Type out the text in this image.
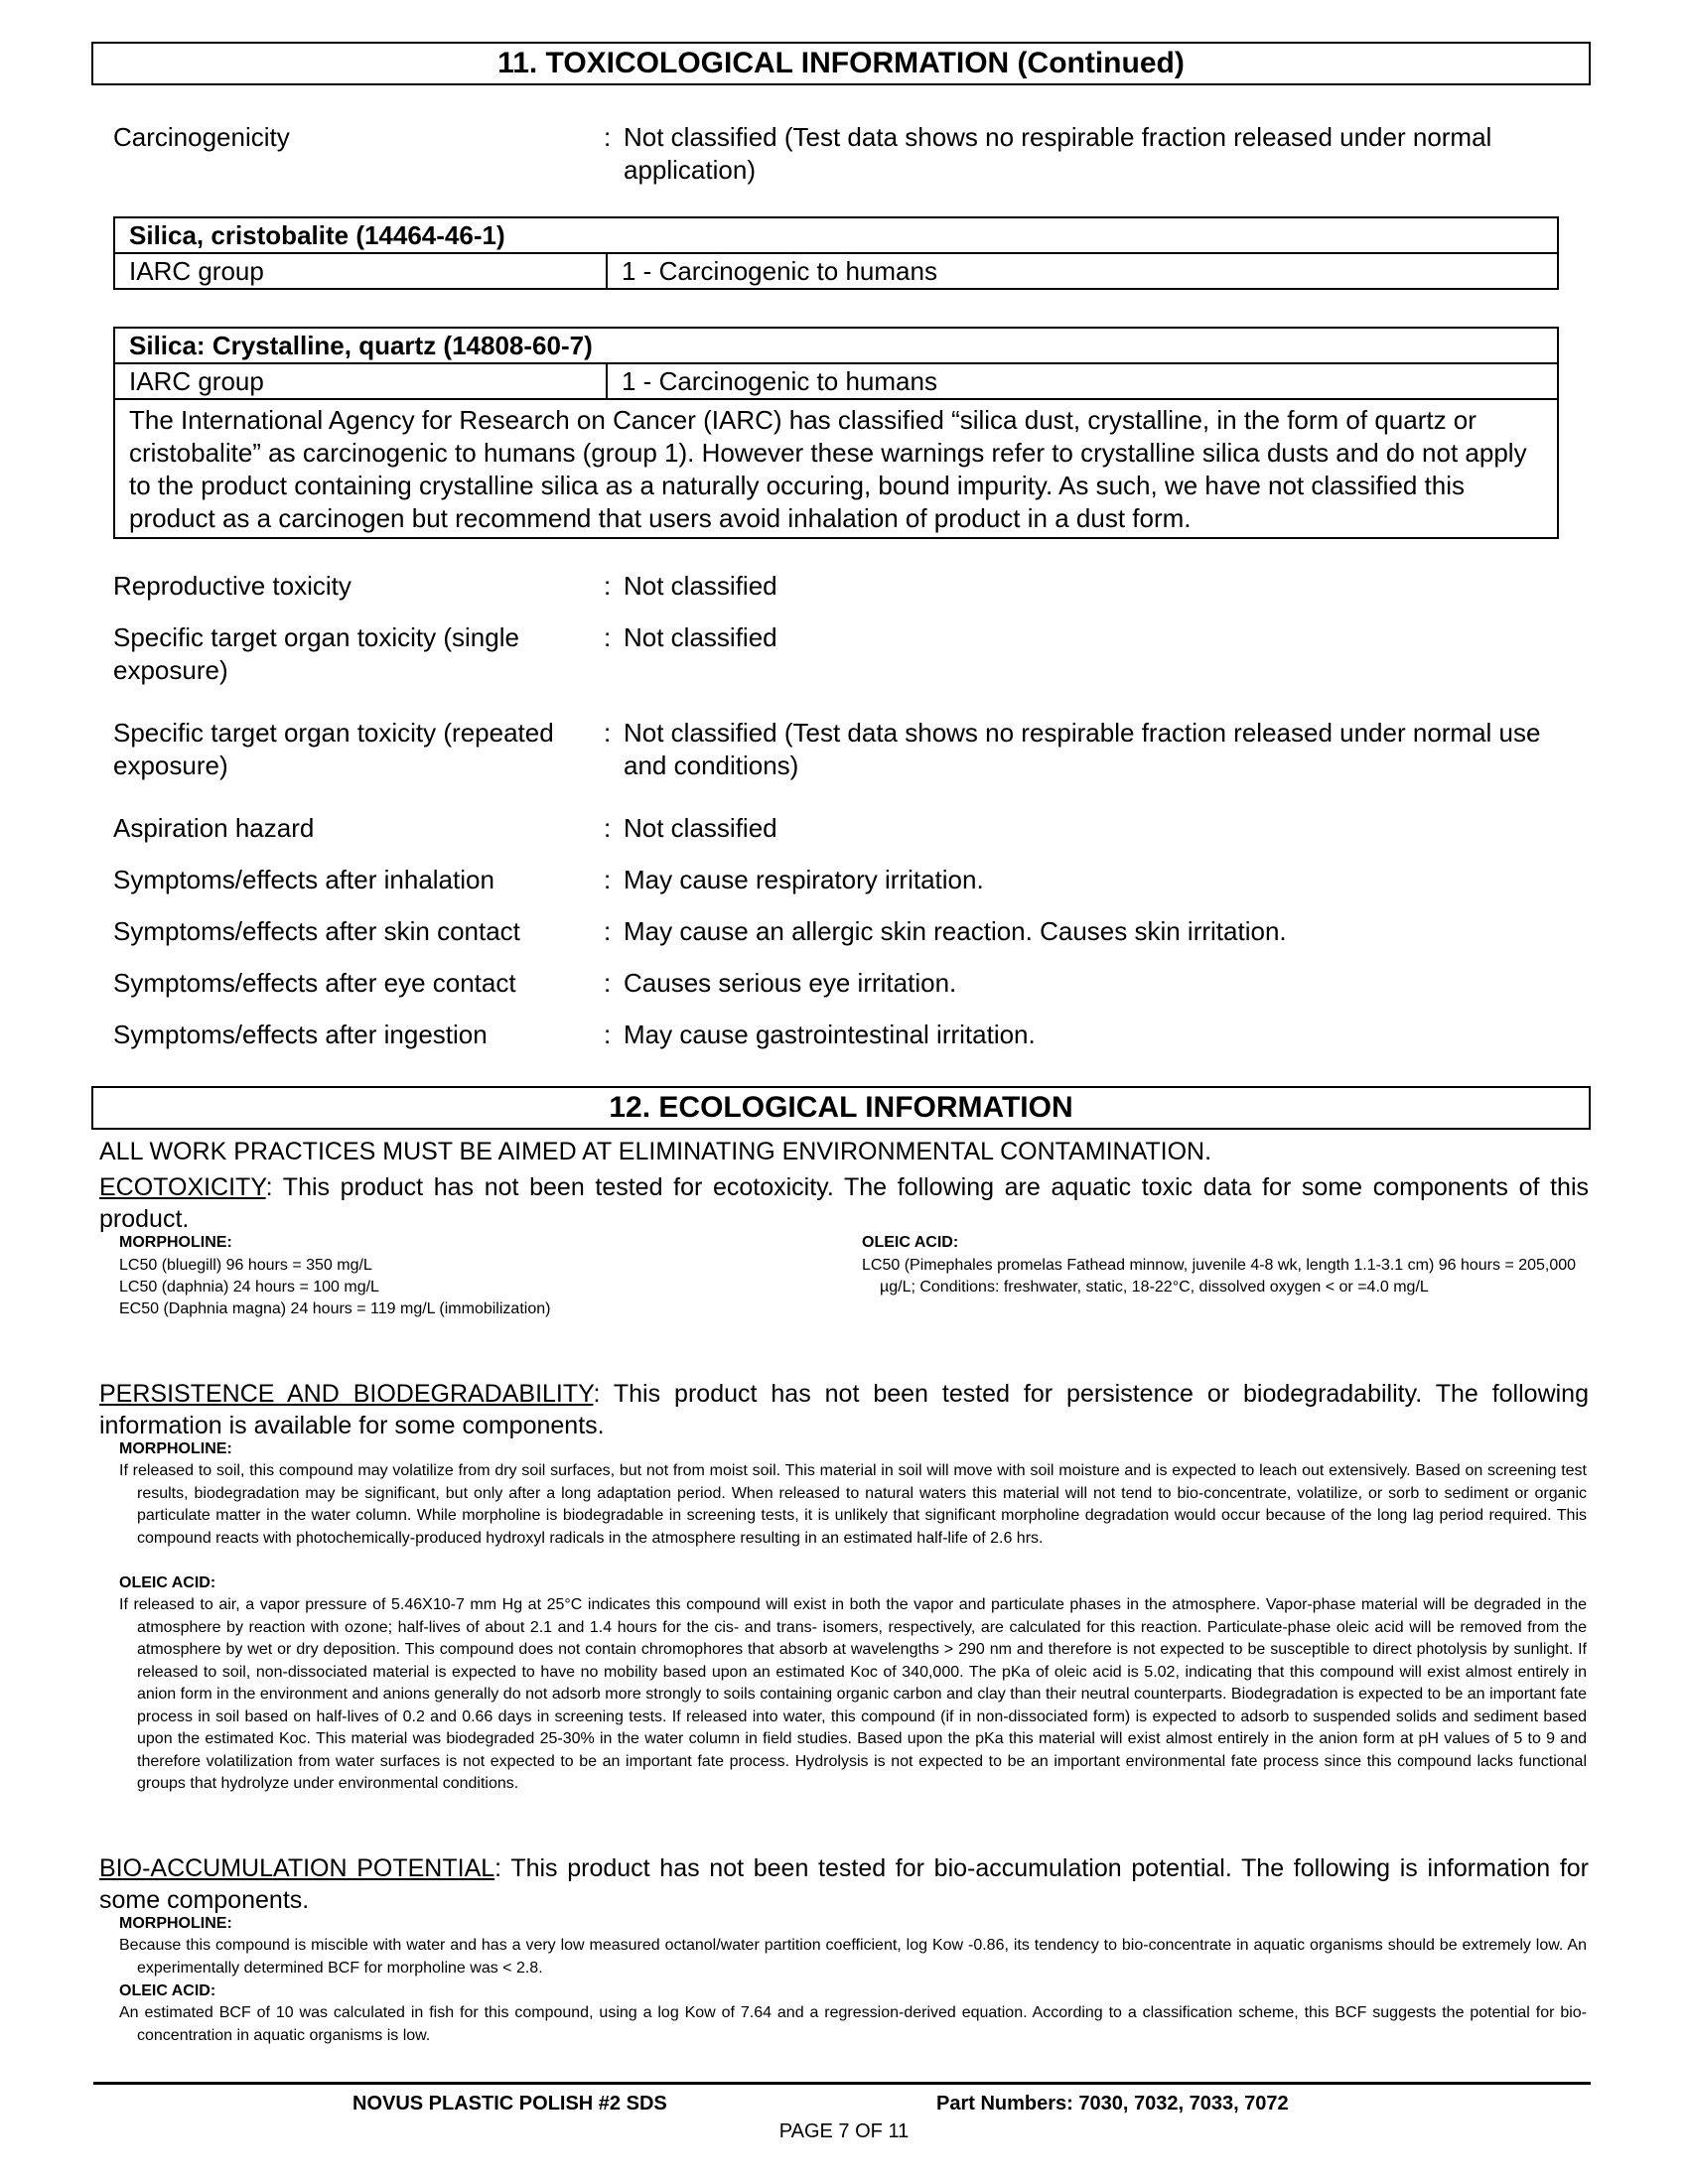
11. TOXICOLOGICAL INFORMATION (Continued)
Carcinogenicity	: Not classified (Test data shows no respirable fraction released under normal application)
Silica, cristobalite (14464-46-1)
IARC group	1 - Carcinogenic to humans
Silica: Crystalline, quartz (14808-60-7)
IARC group	1 - Carcinogenic to humans
The International Agency for Research on Cancer (IARC) has classified “silica dust, crystalline, in the form of quartz or cristobalite” as carcinogenic to humans (group 1). However these warnings refer to crystalline silica dusts and do not apply to the product containing crystalline silica as a naturally occuring, bound impurity. As such, we have not classified this product as a carcinogen but recommend that users avoid inhalation of product in a dust form.
Reproductive toxicity	: Not classified
Specific target organ toxicity (single exposure)
: Not classified
Specific target organ toxicity (repeated exposure)
: Not classified (Test data shows no respirable fraction released under normal use and conditions)
Aspiration hazard	: Not classified
Symptoms/effects after inhalation	: May cause respiratory irritation.
Symptoms/effects after skin contact	: May cause an allergic skin reaction. Causes skin irritation.
Symptoms/effects after eye contact	: Causes serious eye irritation.
Symptoms/effects after ingestion	: May cause gastrointestinal irritation.
12. ECOLOGICAL INFORMATION
ALL WORK PRACTICES MUST BE AIMED AT ELIMINATING ENVIRONMENTAL CONTAMINATION.
ECOTOXICITY: This product has not been tested for ecotoxicity. The following are aquatic toxic data for some components of this product.
MORPHOLINE:
LC50 (bluegill) 96 hours = 350 mg/L
LC50 (daphnia) 24 hours = 100 mg/L
EC50 (Daphnia magna) 24 hours = 119 mg/L (immobilization)
OLEIC ACID:
LC50 (Pimephales promelas Fathead minnow, juvenile 4-8 wk, length 1.1-3.1 cm) 96 hours = 205,000 µg/L; Conditions: freshwater, static, 18-22°C, dissolved oxygen < or =4.0 mg/L
PERSISTENCE AND BIODEGRADABILITY: This product has not been tested for persistence or biodegradability. The following information is available for some components.
MORPHOLINE:
If released to soil, this compound may volatilize from dry soil surfaces, but not from moist soil. This material in soil will move with soil moisture and is expected to leach out extensively. Based on screening test results, biodegradation may be significant, but only after a long adaptation period. When released to natural waters this material will not tend to bio-concentrate, volatilize, or sorb to sediment or organic particulate matter in the water column. While morpholine is biodegradable in screening tests, it is unlikely that significant morpholine degradation would occur because of the long lag period required. This compound reacts with photochemically-produced hydroxyl radicals in the atmosphere resulting in an estimated half-life of 2.6 hrs.
OLEIC ACID:
If released to air, a vapor pressure of 5.46X10-7 mm Hg at 25°C indicates this compound will exist in both the vapor and particulate phases in the atmosphere. Vapor-phase material will be degraded in the atmosphere by reaction with ozone; half-lives of about 2.1 and 1.4 hours for the cis- and trans- isomers, respectively, are calculated for this reaction. Particulate-phase oleic acid will be removed from the atmosphere by wet or dry deposition. This compound does not contain chromophores that absorb at wavelengths > 290 nm and therefore is not expected to be susceptible to direct photolysis by sunlight. If released to soil, non-dissociated material is expected to have no mobility based upon an estimated Koc of 340,000. The pKa of oleic acid is 5.02, indicating that this compound will exist almost entirely in anion form in the environment and anions generally do not adsorb more strongly to soils containing organic carbon and clay than their neutral counterparts. Biodegradation is expected to be an important fate process in soil based on half-lives of 0.2 and 0.66 days in screening tests. If released into water, this compound (if in non-dissociated form) is expected to adsorb to suspended solids and sediment based upon the estimated Koc. This material was biodegraded 25-30% in the water column in field studies. Based upon the pKa this material will exist almost entirely in the anion form at pH values of 5 to 9 and therefore volatilization from water surfaces is not expected to be an important fate process. Hydrolysis is not expected to be an important environmental fate process since this compound lacks functional groups that hydrolyze under environmental conditions.
BIO-ACCUMULATION POTENTIAL: This product has not been tested for bio-accumulation potential. The following is information for some components.
MORPHOLINE:
Because this compound is miscible with water and has a very low measured octanol/water partition coefficient, log Kow -0.86, its tendency to bio-concentrate in aquatic organisms should be extremely low. An experimentally determined BCF for morpholine was < 2.8.
OLEIC ACID:
An estimated BCF of 10 was calculated in fish for this compound, using a log Kow of 7.64 and a regression-derived equation. According to a classification scheme, this BCF suggests the potential for bio-concentration in aquatic organisms is low.
NOVUS PLASTIC POLISH #2 SDS	Part Numbers: 7030, 7032, 7033, 7072
PAGE 7 OF 11
